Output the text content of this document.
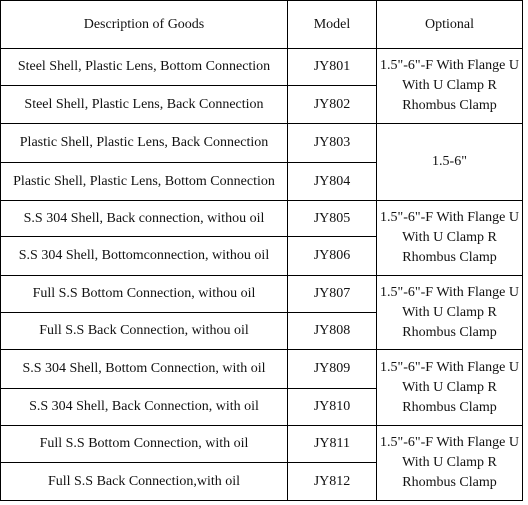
Description of Goods	Model	Optional
Steel Shell, Plastic Lens, Bottom Connection	JY801	1.5"-6"-F With Flange U With U Clamp R Rhombus Clamp
Steel Shell, Plastic Lens, Back Connection	JY802	
Plastic Shell, Plastic Lens, Back Connection	JY803	1.5-6"
Plastic Shell, Plastic Lens, Bottom Connection	JY804	
S.S 304 Shell, Back connection, withou oil	JY805	1.5"-6"-F With Flange U With U Clamp R Rhombus Clamp
S.S 304 Shell, Bottomconnection, withou oil	JY806	
Full S.S Bottom Connection, withou oil	JY807	1.5"-6"-F With Flange U With U Clamp R Rhombus Clamp
Full S.S Back Connection, withou oil	JY808	
S.S 304 Shell, Bottom Connection, with oil	JY809	1.5"-6"-F With Flange U With U Clamp R Rhombus Clamp
S.S 304 Shell, Back Connection, with oil	JY810	
Full S.S Bottom Connection, with oil	JY811	1.5"-6"-F With Flange U With U Clamp R Rhombus Clamp
Full S.S Back Connection,with oil	JY812	
